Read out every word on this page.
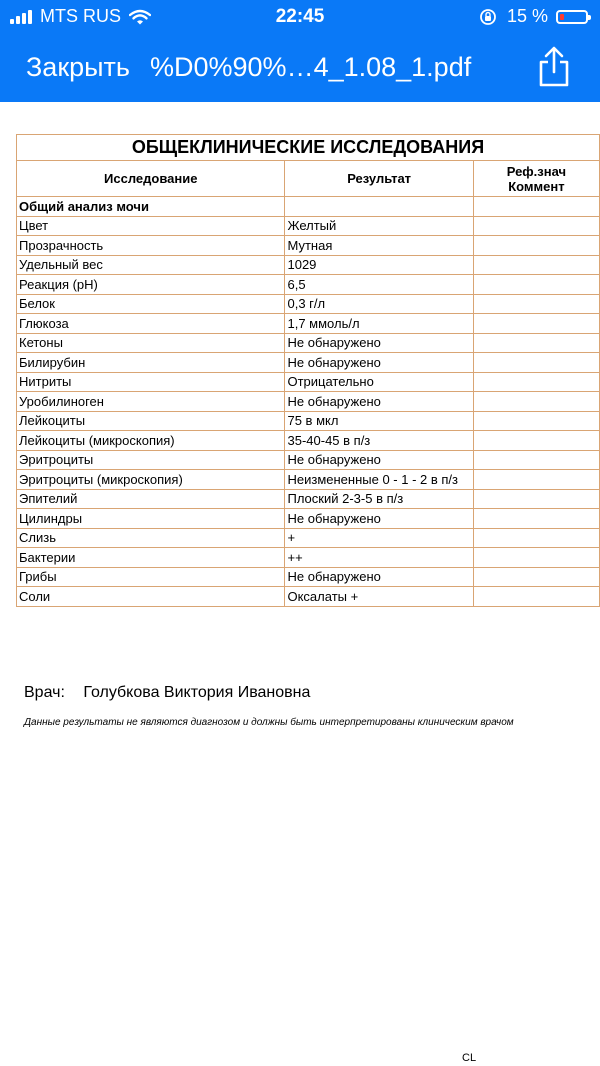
MTS RUS	22:45	15 %
Закрыть %D0%90%…4_1.08_1.pdf
ОБЩЕКЛИНИЧЕСКИЕ ИССЛЕДОВАНИЯ		
Исследование	Результат	Реф.знач
Коммент

Общий анализ мочи		
Цвет	Желтый	
Прозрачность	Мутная	
Удельный вес	1029	
Реакция (pH)	6,5	
Белок	0,3 г/л	
Глюкоза	1,7 ммоль/л	
Кетоны	Не обнаружено	
Билирубин	Не обнаружено	
Нитриты	Отрицательно	
Уробилиноген	Не обнаружено	
Лейкоциты	75 в мкл	
Лейкоциты (микроскопия)	35-40-45 в п/з	
Эритроциты	Не обнаружено	
Эритроциты (микроскопия)	Неизмененные 0 - 1 - 2 в п/з	
Эпителий	Плоский 2-3-5 в п/з	
Цилиндры	Не обнаружено	
Слизь	+	
Бактерии	++	
Грибы	Не обнаружено	
Соли	Оксалаты +	
Врач: Голубкова Виктория Ивановна
Данные результаты не являются диагнозом и должны быть интерпретированы клиническим врачом
CL
